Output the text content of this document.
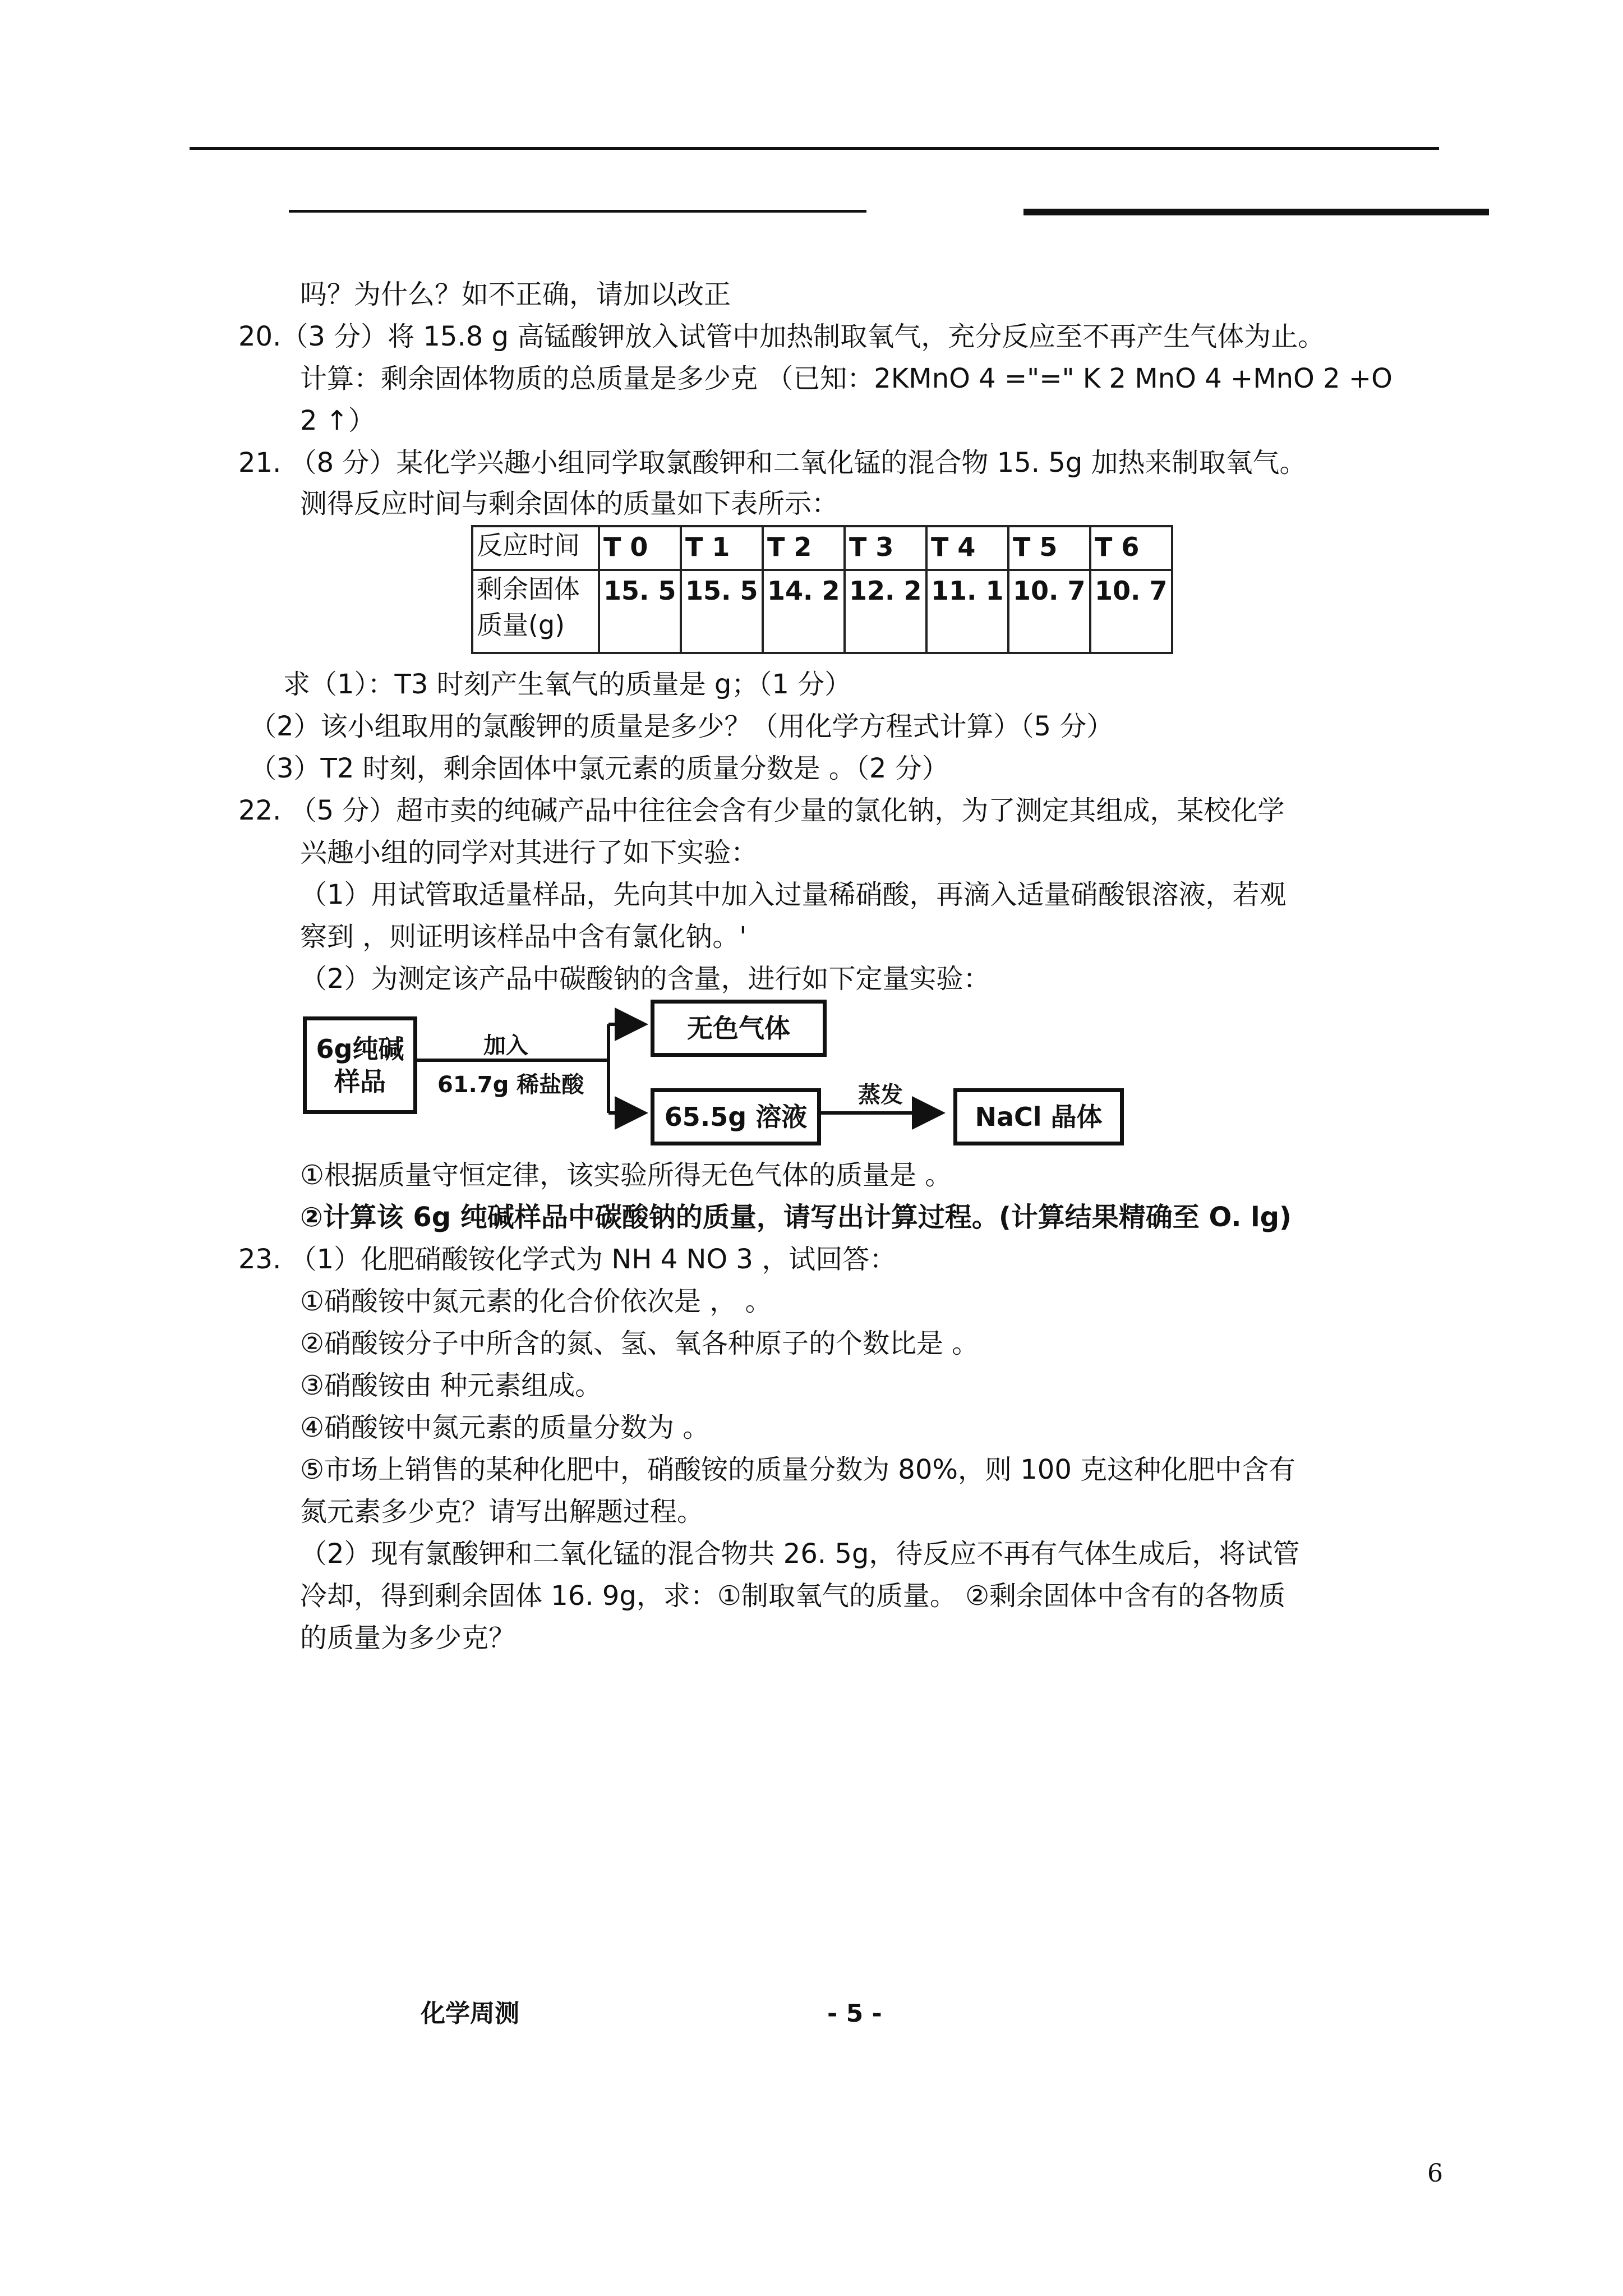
吗？为什么？如不正确，请加以改正
20.（3 分）将 15.8 g 高锰酸钾放入试管中加热制取氧气，充分反应至不再产生气体为止。
计算：剩余固体物质的总质量是多少克 （已知：2KMnO 4 ="=" K 2 MnO 4 +MnO 2 +O
2 ↑）
21. （8 分）某化学兴趣小组同学取氯酸钾和二氧化锰的混合物 15. 5g 加热来制取氧气。
测得反应时间与剩余固体的质量如下表所示：
反应时间	T 0	T 1	T 2	T 3	T 4	T 5	T 6

剩余固体
质量(g)	15. 5	15. 5	14. 2	12. 2	11. 1	10. 7	10. 7
求（1）：T3 时刻产生氧气的质量是 g；（1 分）
（2）该小组取用的氯酸钾的质量是多少？（用化学方程式计算）（5 分）
（3）T2 时刻，剩余固体中氯元素的质量分数是 。（2 分）
22. （5 分）超市卖的纯碱产品中往往会含有少量的氯化钠，为了测定其组成，某校化学
兴趣小组的同学对其进行了如下实验：
（1）用试管取适量样品，先向其中加入过量稀硝酸，再滴入适量硝酸银溶液，若观
察到 ，则证明该样品中含有氯化钠。'
（2）为测定该产品中碳酸钠的含量，进行如下定量实验：
6g纯碱
样品
加入
61.7g 稀盐酸
无色气体
65.5g 溶液
蒸发
NaCl 晶体
①根据质量守恒定律，该实验所得无色气体的质量是 。
②计算该 6g 纯碱样品中碳酸钠的质量，请写出计算过程。(计算结果精确至 O. lg)
23. （1）化肥硝酸铵化学式为 NH 4 NO 3 ，试回答：
①硝酸铵中氮元素的化合价依次是 ， 。
②硝酸铵分子中所含的氮、氢、氧各种原子的个数比是 。
③硝酸铵由 种元素组成。
④硝酸铵中氮元素的质量分数为 。
⑤市场上销售的某种化肥中，硝酸铵的质量分数为 80%，则 100 克这种化肥中含有
氮元素多少克？请写出解题过程。
（2）现有氯酸钾和二氧化锰的混合物共 26. 5g，待反应不再有气体生成后，将试管
冷却，得到剩余固体 16. 9g，求：①制取氧气的质量。 ②剩余固体中含有的各物质
的质量为多少克？
化学周测	- 5 -
6
